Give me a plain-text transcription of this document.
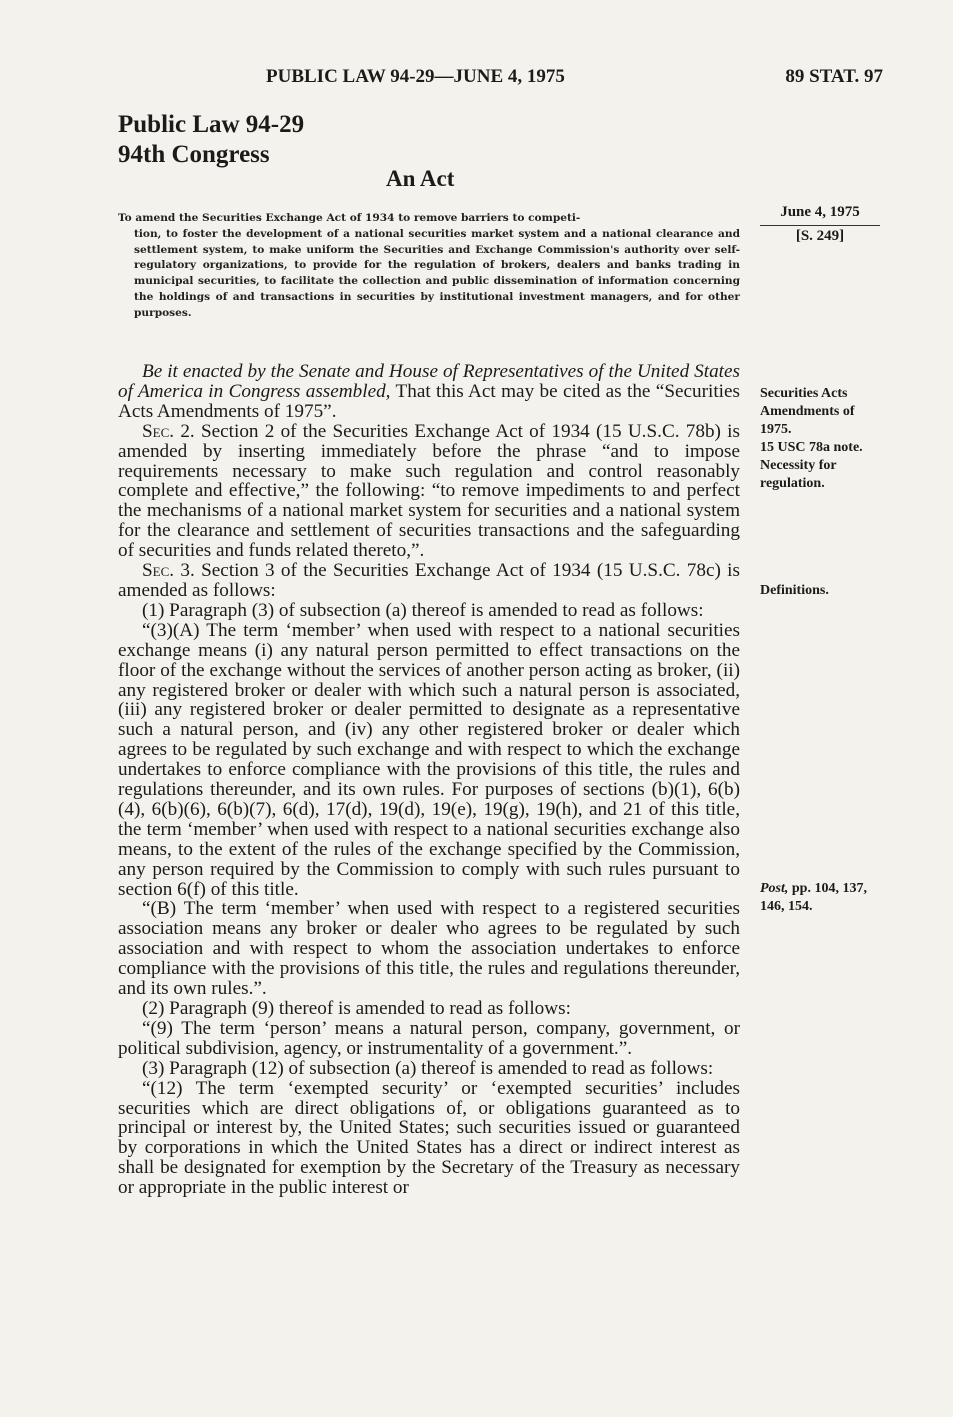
PUBLIC LAW 94-29—JUNE 4, 1975	89 STAT. 97
Public Law 94-29
94th Congress
An Act
To amend the Securities Exchange Act of 1934 to remove barriers to competi-
tion, to foster the development of a national securities market system and a national clearance and settlement system, to make uniform the Securities and Exchange Commission's authority over self-regulatory organizations, to provide for the regulation of brokers, dealers and banks trading in municipal securities, to facilitate the collection and public dissemination of information concerning the holdings of and transactions in securities by institutional investment managers, and for other purposes.
June 4, 1975
[S. 249]

Be it enacted by the Senate and House of Representatives of the United States of America in Congress assembled, That this Act may be cited as the “Securities Acts Amendments of 1975”.

Sec. 2. Section 2 of the Securities Exchange Act of 1934 (15 U.S.C. 78b) is amended by inserting immediately before the phrase “and to impose requirements necessary to make such regulation and control reasonably complete and effective,” the following: “to remove impediments to and perfect the mechanisms of a national market system for securities and a national system for the clearance and settlement of securities transactions and the safeguarding of securities and funds related thereto,”.

Sec. 3. Section 3 of the Securities Exchange Act of 1934 (15 U.S.C. 78c) is amended as follows:

(1) Paragraph (3) of subsection (a) thereof is amended to read as follows:

“(3)(A) The term ‘member’ when used with respect to a national securities exchange means (i) any natural person permitted to effect transactions on the floor of the exchange without the services of another person acting as broker, (ii) any registered broker or dealer with which such a natural person is associated, (iii) any registered broker or dealer permitted to designate as a representative such a natural person, and (iv) any other registered broker or dealer which agrees to be regulated by such exchange and with respect to which the exchange undertakes to enforce compliance with the provisions of this title, the rules and regulations thereunder, and its own rules. For purposes of sections (b)(1), 6(b)(4), 6(b)(6), 6(b)(7), 6(d), 17(d), 19(d), 19(e), 19(g), 19(h), and 21 of this title, the term ‘member’ when used with respect to a national securities exchange also means, to the extent of the rules of the exchange specified by the Commission, any person required by the Commission to comply with such rules pursuant to section 6(f) of this title.

“(B) The term ‘member’ when used with respect to a registered securities association means any broker or dealer who agrees to be regulated by such association and with respect to whom the association undertakes to enforce compliance with the provisions of this title, the rules and regulations thereunder, and its own rules.”.

(2) Paragraph (9) thereof is amended to read as follows:

“(9) The term ‘person’ means a natural person, company, government, or political subdivision, agency, or instrumentality of a government.”.

(3) Paragraph (12) of subsection (a) thereof is amended to read as follows:

“(12) The term ‘exempted security’ or ‘exempted securities’ includes securities which are direct obligations of, or obligations guaranteed as to principal or interest by, the United States; such securities issued or guaranteed by corporations in which the United States has a direct or indirect interest as shall be designated for exemption by the Secretary of the Treasury as necessary or appropriate in the public interest or

Securities Acts
Amendments of
1975.
15 USC 78a note.
Necessity for
regulation.
Definitions.
Post, pp. 104, 137, 146, 154.
